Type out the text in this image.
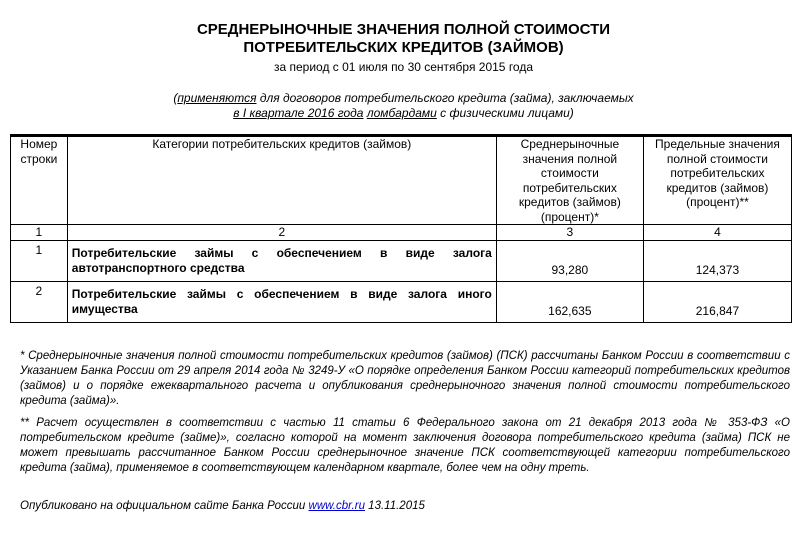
СРЕДНЕРЫНОЧНЫЕ ЗНАЧЕНИЯ ПОЛНОЙ СТОИМОСТИ
ПОТРЕБИТЕЛЬСКИХ КРЕДИТОВ (ЗАЙМОВ)
за период с 01 июля по 30 сентября 2015 года
(применяются для договоров потребительского кредита (займа), заключаемых
в I квартале 2016 года ломбардами с физическими лицами)
Номер строки	Категории потребительских кредитов (займов)	Среднерыночные значения полной стоимости потребительских кредитов (займов) (процент)*	Предельные значения полной стоимости потребительских кредитов (займов) (процент)**
1	2	3	4
1	Потребительские займы с обеспечением в виде залога автотранспортного средства	93,280	124,373
2	Потребительские займы с обеспечением в виде залога иного имущества	162,635	216,847
* Среднерыночные значения полной стоимости потребительских кредитов (займов) (ПСК) рассчитаны Банком России в соответствии с Указанием Банка России от 29 апреля 2014 года № 3249-У «О порядке определения Банком России категорий потребительских кредитов (займов) и о порядке ежеквартального расчета и опубликования среднерыночного значения полной стоимости потребительского кредита (займа)».
** Расчет осуществлен в соответствии с частью 11 статьи 6 Федерального закона от 21 декабря 2013 года № 353-ФЗ «О потребительском кредите (займе)», согласно которой на момент заключения договора потребительского кредита (займа) ПСК не может превышать рассчитанное Банком России среднерыночное значение ПСК соответствующей категории потребительского кредита (займа), применяемое в соответствующем календарном квартале, более чем на одну треть.
Опубликовано на официальном сайте Банка России www.cbr.ru 13.11.2015
